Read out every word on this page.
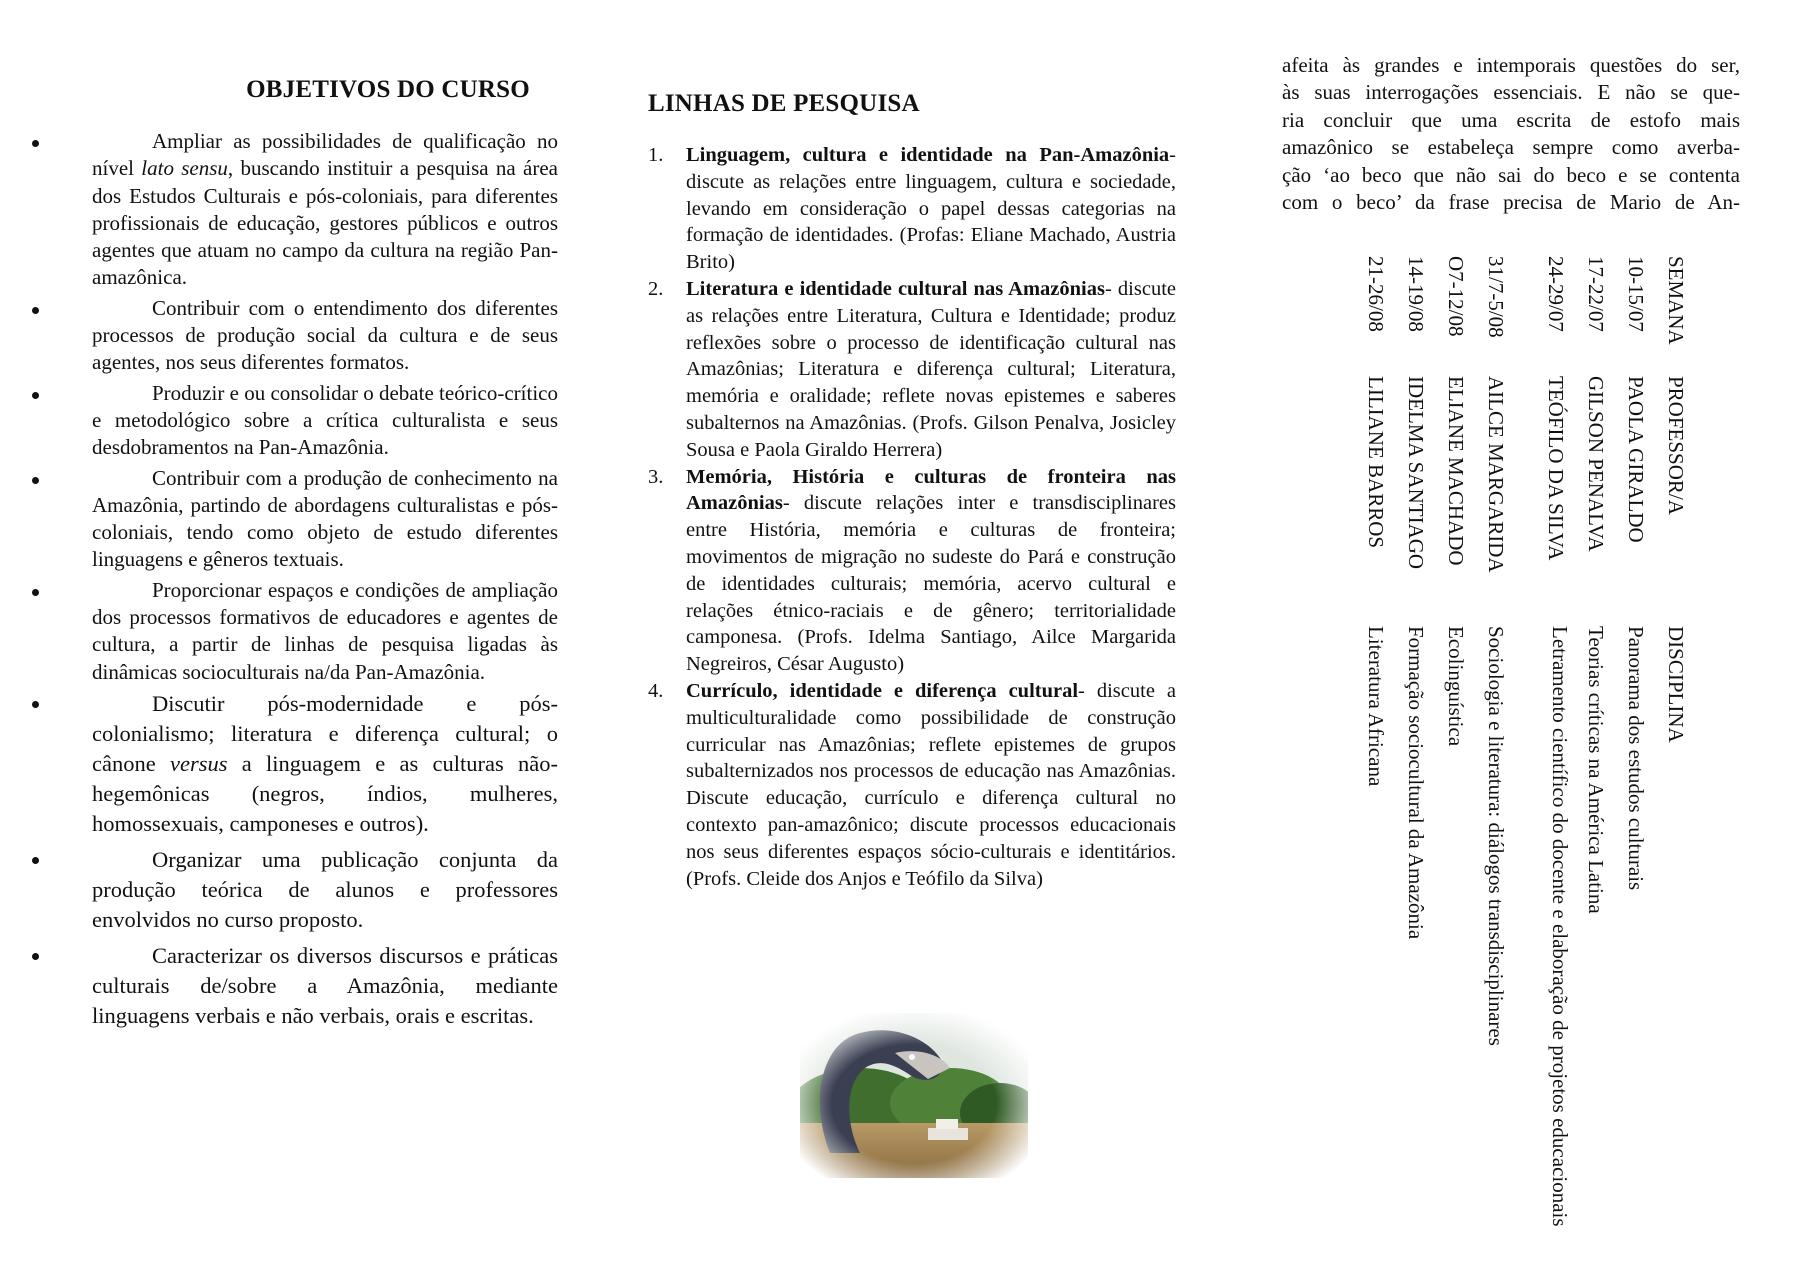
OBJETIVOS DO CURSO
Ampliar as possibilidades de qualificação no nível lato sensu, buscando instituir a pesquisa na área dos Estudos Culturais e pós-coloniais, para diferentes profissionais de educação, gestores públicos e outros agentes que atuam no campo da cultura na região Pan-amazônica.
Contribuir com o entendimento dos diferentes processos de produção social da cultura e de seus agentes, nos seus diferentes formatos.
Produzir e ou consolidar o debate teórico-crítico e metodológico sobre a crítica culturalista e seus desdobramentos na Pan-Amazônia.
Contribuir com a produção de conhecimento na Amazônia, partindo de abordagens culturalistas e pós-coloniais, tendo como objeto de estudo diferentes linguagens e gêneros textuais.
Proporcionar espaços e condições de ampliação dos processos formativos de educadores e agentes de cultura, a partir de linhas de pesquisa ligadas às dinâmicas socioculturais na/da Pan-Amazônia.
Discutir pós-modernidade e pós-colonialismo; literatura e diferença cultural; o cânone versus a linguagem e as culturas não-hegemônicas (negros, índios, mulheres, homossexuais, camponeses e outros).
Organizar uma publicação conjunta da produção teórica de alunos e professores envolvidos no curso proposto.
Caracterizar os diversos discursos e práticas culturais de/sobre a Amazônia, mediante linguagens verbais e não verbais, orais e escritas.
LINHAS DE PESQUISA
1. Linguagem, cultura e identidade na Pan-Amazônia- discute as relações entre linguagem, cultura e sociedade, levando em consideração o papel dessas categorias na formação de identidades. (Profas: Eliane Machado, Austria Brito)
2. Literatura e identidade cultural nas Amazônias- discute as relações entre Literatura, Cultura e Identidade; produz reflexões sobre o processo de identificação cultural nas Amazônias; Literatura e diferença cultural; Literatura, memória e oralidade; reflete novas epistemes e saberes subalternos na Amazônias. (Profs. Gilson Penalva, Josicley Sousa e Paola Giraldo Herrera)
3. Memória, História e culturas de fronteira nas Amazônias- discute relações inter e transdisciplinares entre História, memória e culturas de fronteira; movimentos de migração no sudeste do Pará e construção de identidades culturais; memória, acervo cultural e relações étnico-raciais e de gênero; territorialidade camponesa. (Profs. Idelma Santiago, Ailce Margarida Negreiros, César Augusto)
4. Currículo, identidade e diferença cultural- discute a multiculturalidade como possibilidade de construção curricular nas Amazônias; reflete epistemes de grupos subalternizados nos processos de educação nas Amazônias. Discute educação, currículo e diferença cultural no contexto pan-amazônico; discute processos educacionais nos seus diferentes espaços sócio-culturais e identitários. (Profs. Cleide dos Anjos e Teófilo da Silva)

afeita às grandes e intemporais questões do ser,

às suas interrogações essenciais. E não se que-

ria concluir que uma escrita de estofo mais

amazônico se estabeleça sempre como averba-

ção ‘ao beco que não sai do beco e se contenta

com o beco’ da frase precisa de Mario de An-

SEMANA
PROFESSOR/A
DISCIPLINA
10-15/07
PAOLA GIRALDO
Panorama dos estudos culturais
17-22/07
GILSON PENALVA
Teorias críticas na América Latina
24-29/07
TEÓFILO DA SILVA
Letramento científico do docente e elaboração de projetos educacionais
31/7-5/08
AILCE MARGARIDA
Sociologia e literatura: diálogos transdisciplinares
O7-12/08
ELIANE MACHADO
Ecolinguística
14-19/08
IDELMA SANTIAGO
Formação sociocultural da Amazônia
21-26/08
LILIANE BARROS
Literatura Africana
